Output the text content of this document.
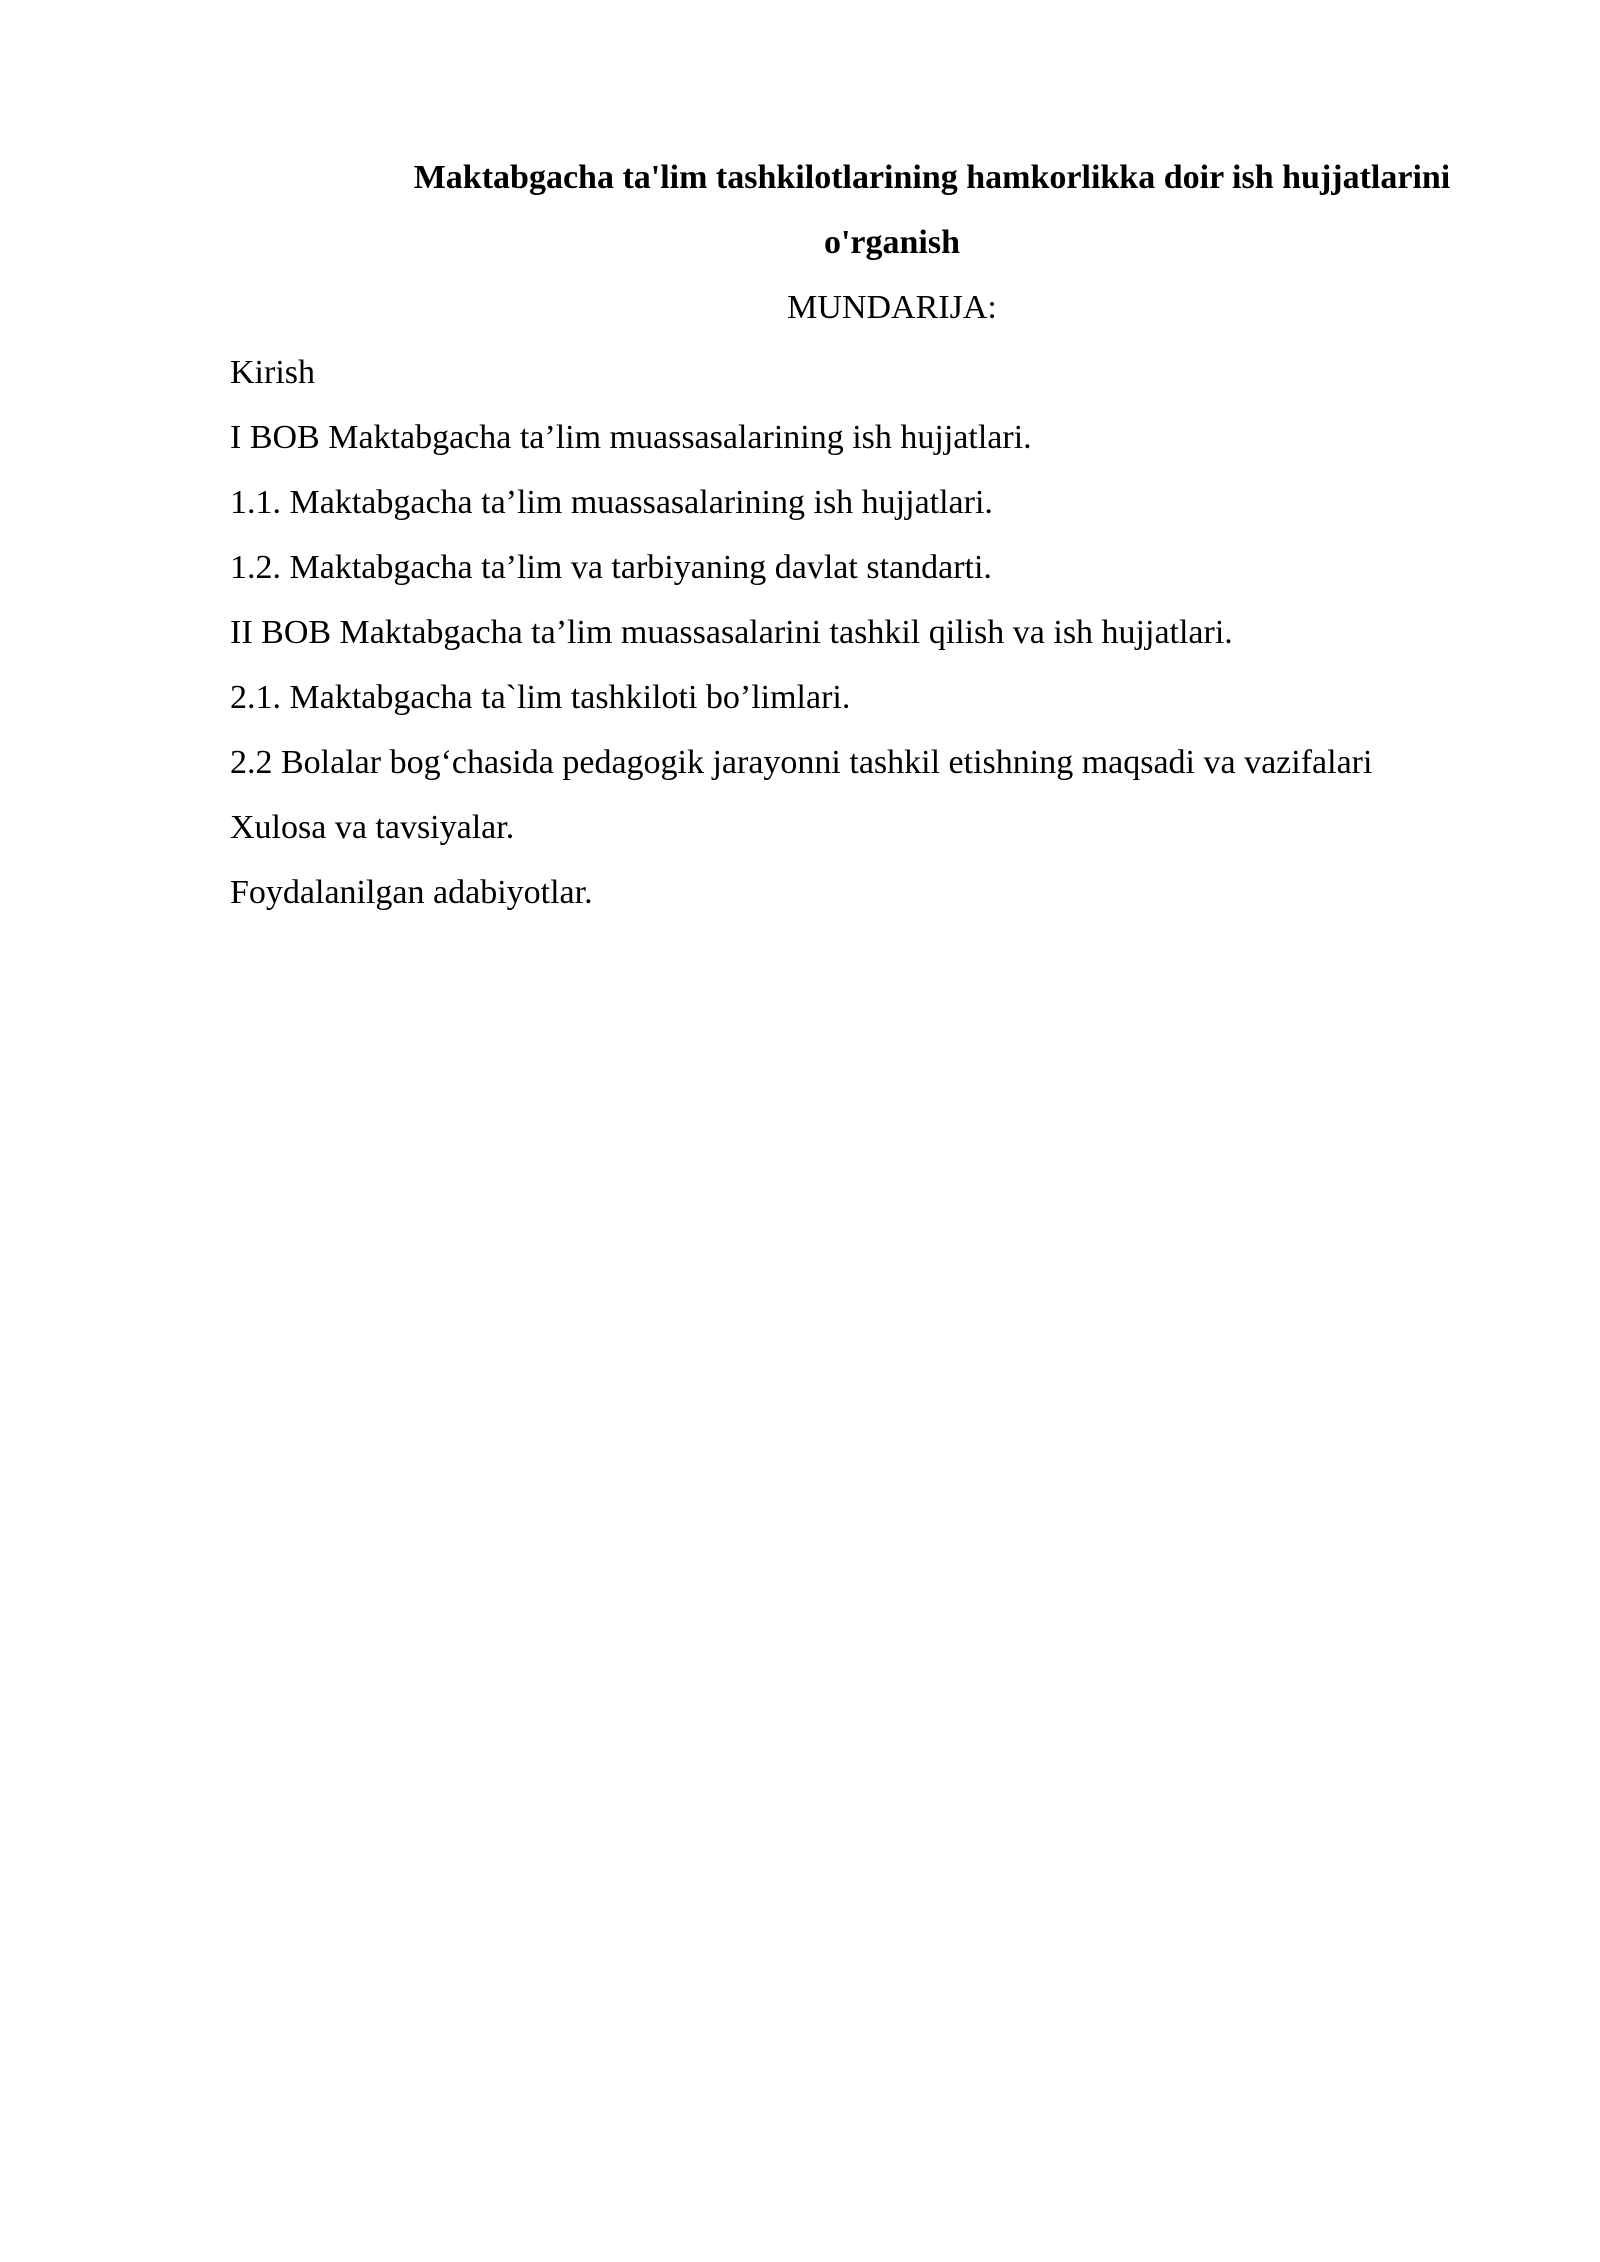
Maktabgacha ta'lim tashkilotlarining hamkorlikka doir ish hujjatlarini
o'rganish

MUNDARIJA:

Kirish
I BOB Maktabgacha ta’lim muassasalarining ish hujjatlari.
1.1. Maktabgacha ta’lim muassasalarining ish hujjatlari.
1.2. Maktabgacha ta’lim va tarbiyaning davlat standarti.
II BOB Maktabgacha ta’lim muassasalarini tashkil qilish va ish hujjatlari.
2.1. Maktabgacha ta`lim tashkiloti bo’limlari.
2.2 Bolalar bog‘chasida pedagogik jarayonni tashkil etishning maqsadi va vazifalari
Xulosa va tavsiyalar.
Foydalanilgan adabiyotlar.
